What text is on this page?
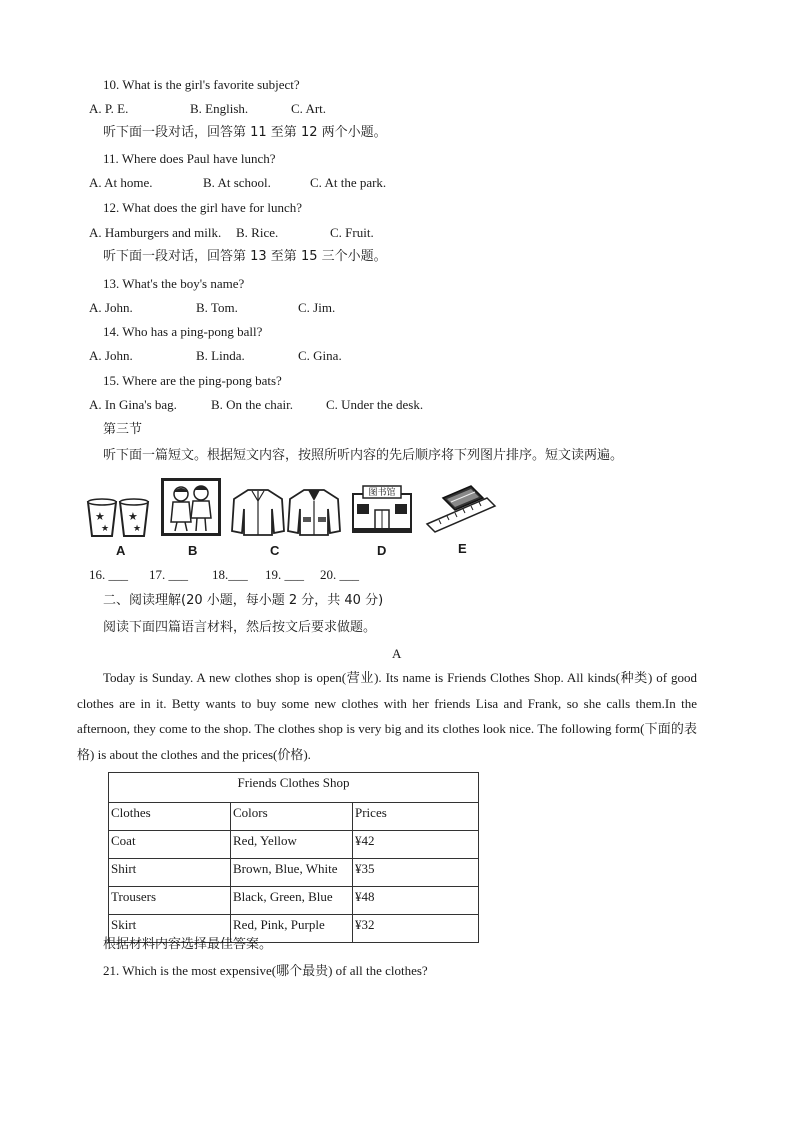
10. What is the girl's favorite subject?
A. P. E.	B. English.	C. Art.
听下面一段对话，回答第 11 至第 12 两个小题。
11. Where does Paul have lunch?
A. At home.	B. At school.	C. At the park.
12. What does the girl have for lunch?
A. Hamburgers and milk. B. Rice.	C. Fruit.
听下面一段对话，回答第 13 至第 15 三个小题。
13. What's the boy's name?
A. John.	B. Tom.	C. Jim.
14. Who has a ping-pong ball?
A. John.	B. Linda.	C. Gina.
15. Where are the ping-pong bats?
A. In Gina's bag.	B. On the chair.	C. Under the desk.
第三节
听下面一篇短文。根据短文内容，按照所听内容的先后顺序将下列图片排序。短文读两遍。
★
★
★
★
A	B	C
图书馆
D	E
16. ___ 17. ___ 18.___ 19. ___ 20. ___
二、阅读理解(20 小题，每小题 2 分，共 40 分)
阅读下面四篇语言材料，然后按文后要求做题。
A
Today is Sunday. A new clothes shop is open(营业). Its name is Friends Clothes Shop. All kinds(种类) of good clothes are in it. Betty wants to buy some new clothes with her friends Lisa and Frank, so she calls them.In the afternoon, they come to the shop. The clothes shop is very big and its clothes look nice. The following form(下面的表格) is about the clothes and the prices(价格).
Friends Clothes Shop		
Clothes	Colors	Prices
Coat	Red, Yellow	¥42
Shirt	Brown, Blue, White	¥35
Trousers	Black, Green, Blue	¥48
Skirt	Red, Pink, Purple	¥32
根据材料内容选择最佳答案。
21. Which is the most expensive(哪个最贵) of all the clothes?
